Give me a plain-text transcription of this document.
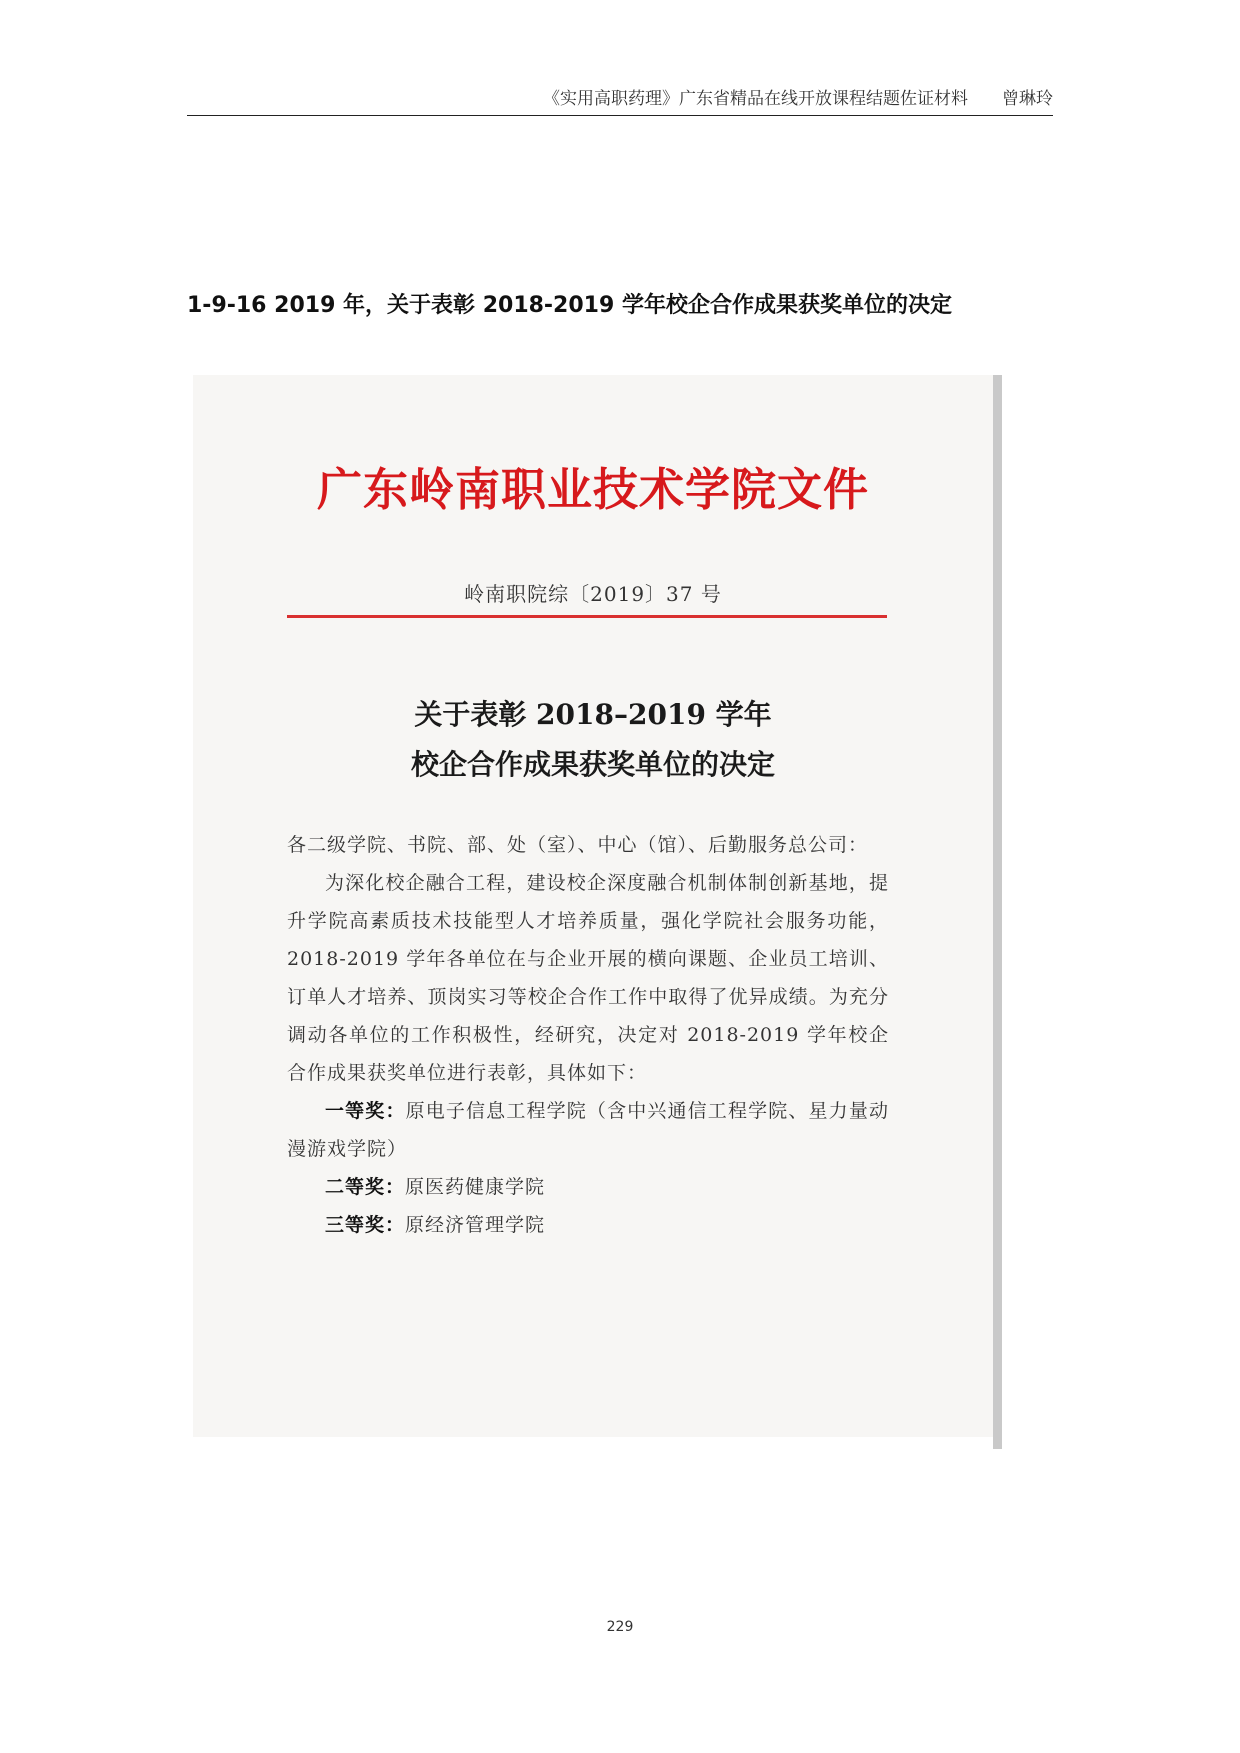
《实用高职药理》广东省精品在线开放课程结题佐证材料 曾琳玲
1-9-16 2019 年，关于表彰 2018-2019 学年校企合作成果获奖单位的决定
广东岭南职业技术学院文件
岭南职院综〔2019〕37 号
关于表彰 2018–2019 学年
校企合作成果获奖单位的决定

各二级学院、书院、部、处（室）、中心（馆）、后勤服务总公司：

为深化校企融合工程，建设校企深度融合机制体制创新基地，提升学院高素质技术技能型人才培养质量，强化学院社会服务功能，2018-2019 学年各单位在与企业开展的横向课题、企业员工培训、订单人才培养、顶岗实习等校企合作工作中取得了优异成绩。为充分调动各单位的工作积极性，经研究，决定对 2018-2019 学年校企合作成果获奖单位进行表彰，具体如下：

一等奖：原电子信息工程学院（含中兴通信工程学院、星力量动漫游戏学院）

二等奖：原医药健康学院

三等奖：原经济管理学院

229
